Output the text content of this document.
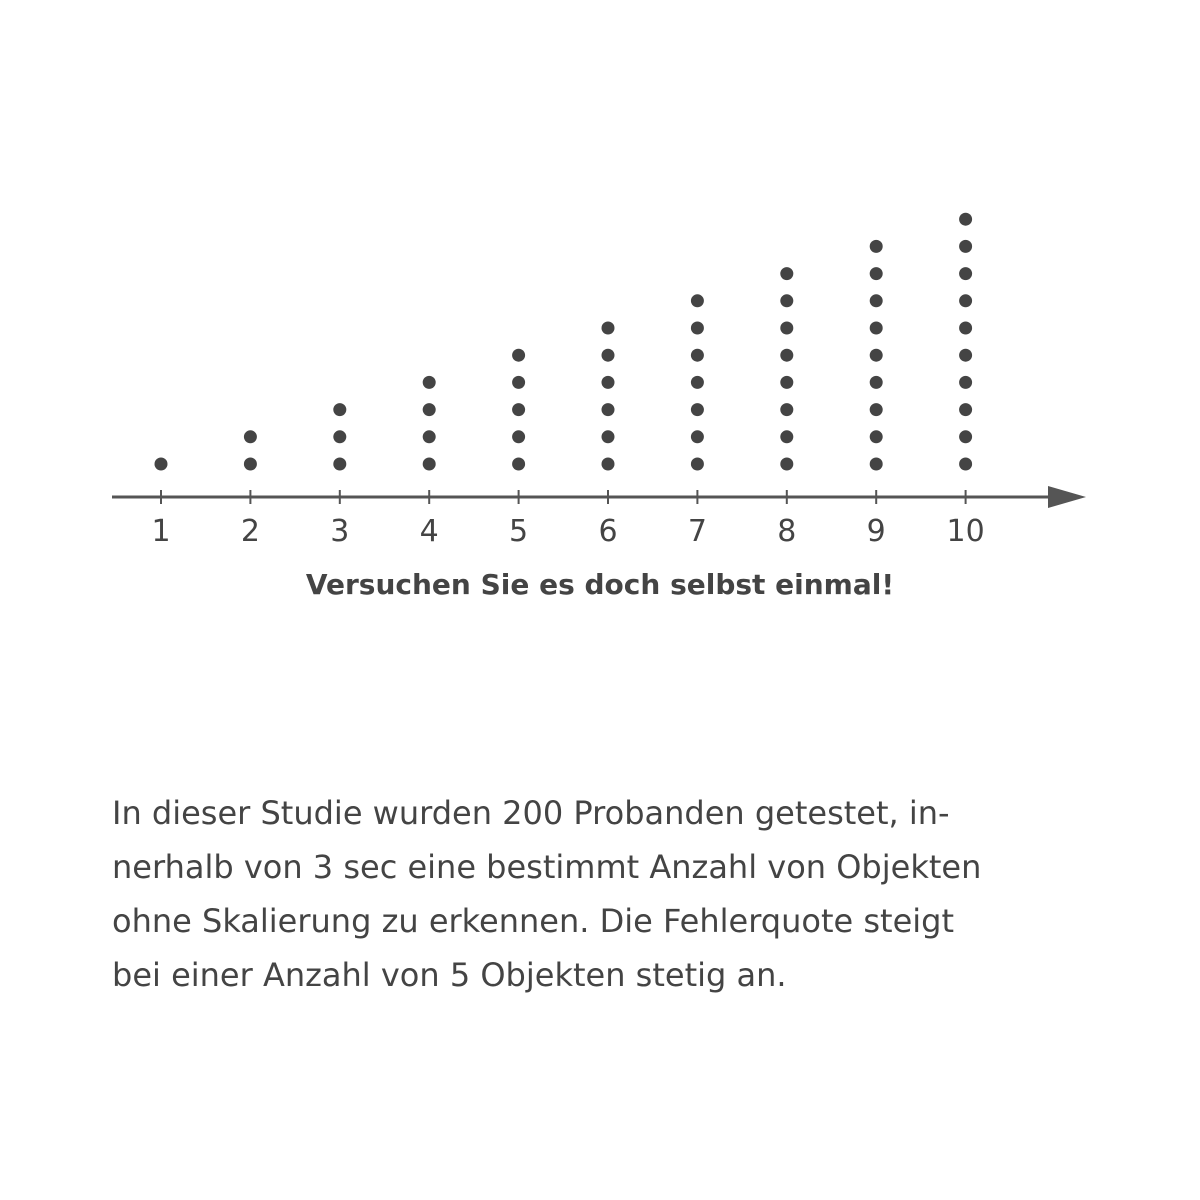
1 2 3 4 5 6 7 8 9 10

Versuchen Sie es doch selbst einmal!

In dieser Studie wurden 200 Probanden getestet, in-
nerhalb von 3 sec eine bestimmt Anzahl von Objekten
ohne Skalierung zu erkennen. Die Fehlerquote steigt
bei einer Anzahl von 5 Objekten stetig an.
